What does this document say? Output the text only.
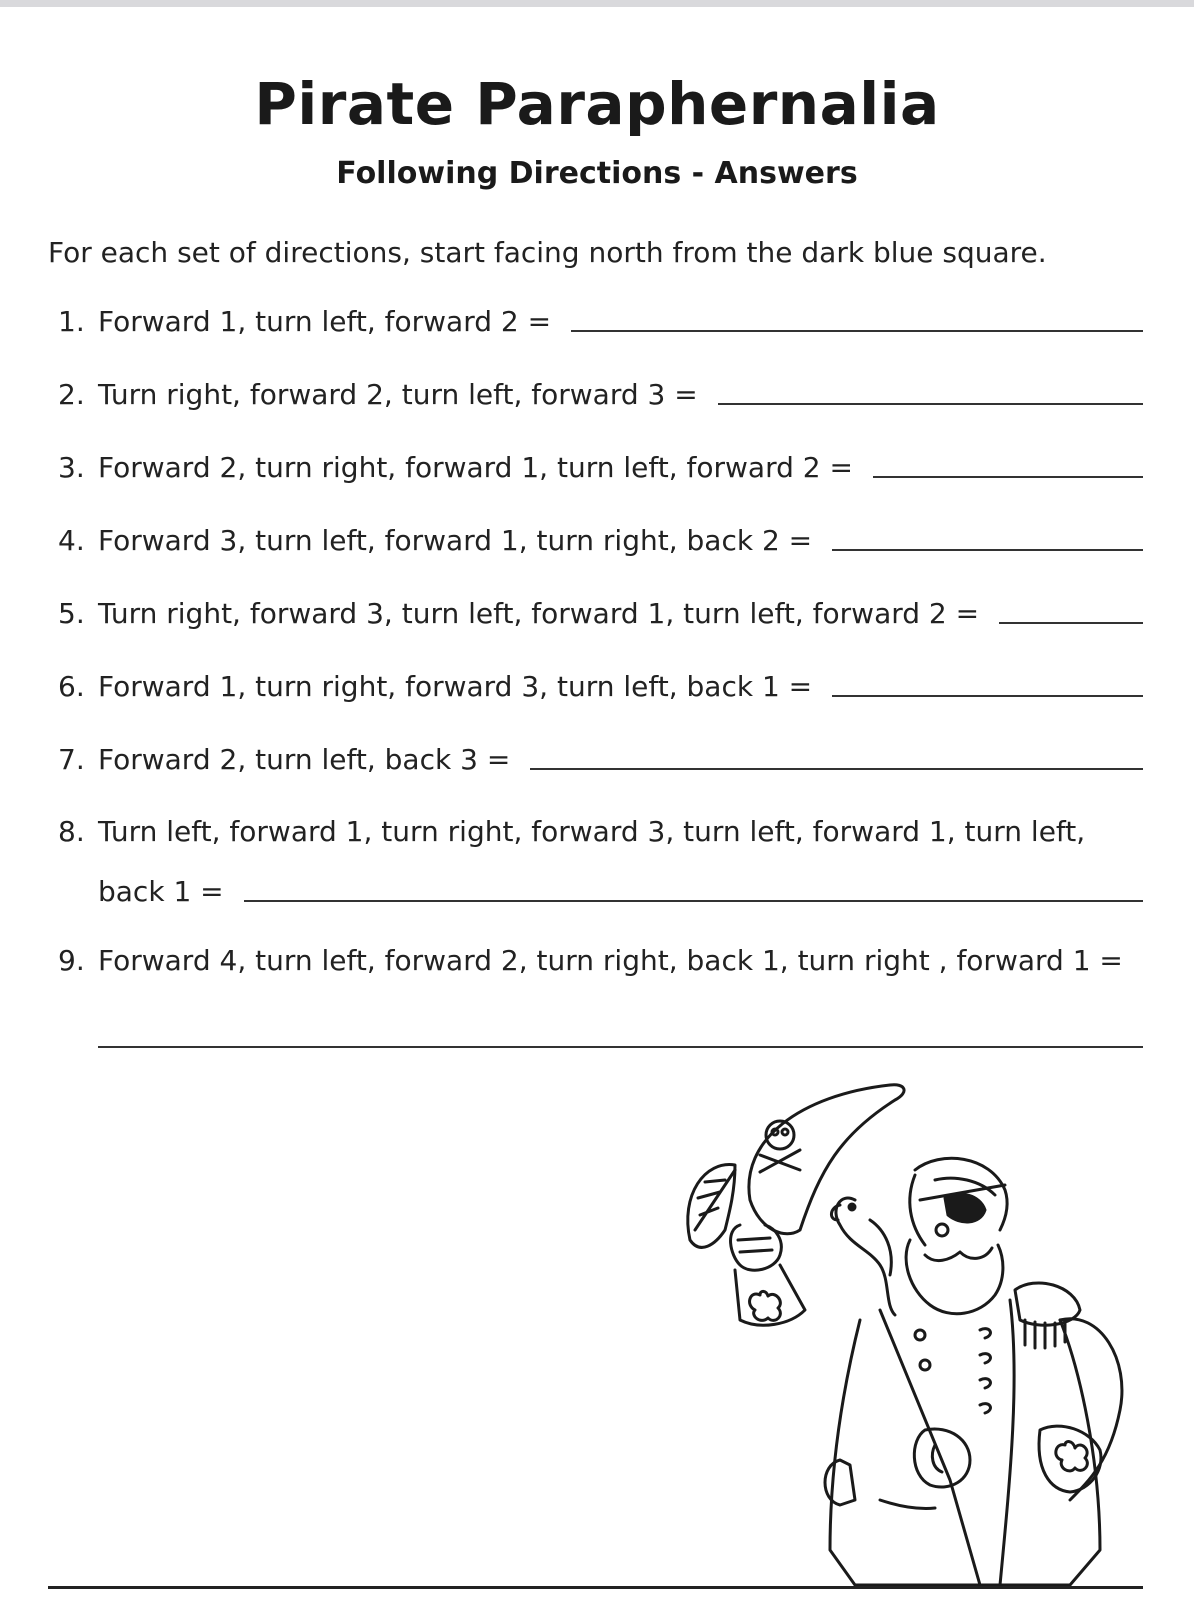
Pirate Paraphernalia
Following Directions - Answers
For each set of directions, start facing north from the dark blue square.
1. Forward 1, turn left, forward 2 =
2. Turn right, forward 2, turn left, forward 3 =
3. Forward 2, turn right, forward 1, turn left, forward 2 =
4. Forward 3, turn left, forward 1, turn right, back 2 =
5. Turn right, forward 3, turn left, forward 1, turn left, forward 2 =
6. Forward 1, turn right, forward 3, turn left, back 1 =
7. Forward 2, turn left, back 3 =
8. Turn left, forward 1, turn right, forward 3, turn left, forward 1, turn left,
back 1 =
9. Forward 4, turn left, forward 2, turn right, back 1, turn right , forward 1 =
